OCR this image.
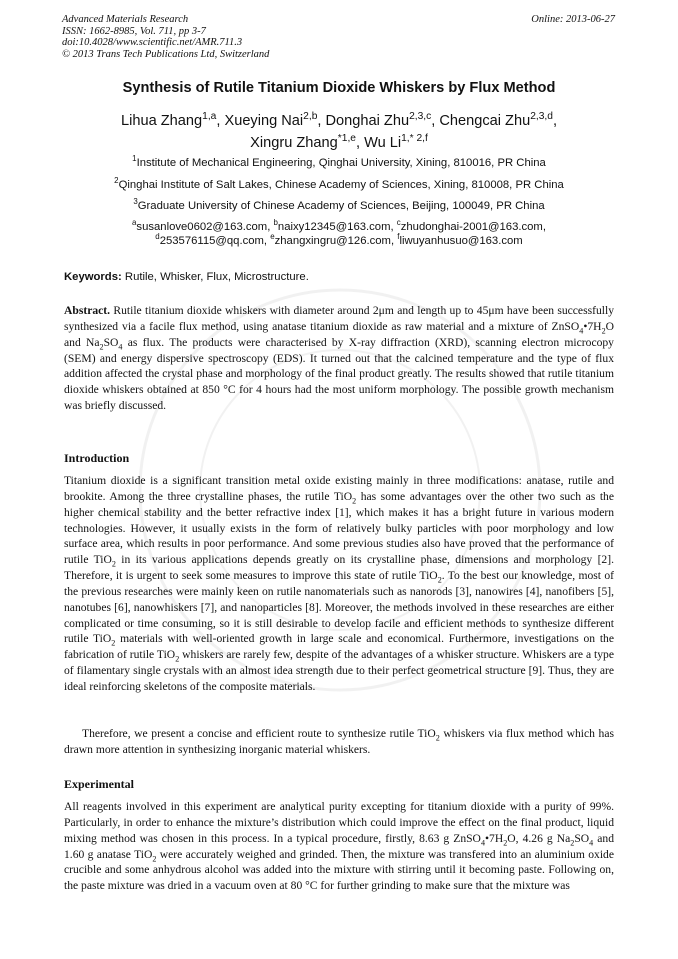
Advanced Materials Research
ISSN: 1662-8985, Vol. 711, pp 3-7
doi:10.4028/www.scientific.net/AMR.711.3
© 2013 Trans Tech Publications Ltd, Switzerland
Online: 2013-06-27
Synthesis of Rutile Titanium Dioxide Whiskers by Flux Method
Lihua Zhang$^{1,a}$, Xueying Nai$^{2,b}$, Donghai Zhu$^{2,3,c}$, Chengcai Zhu$^{2,3,d}$,
Xingru Zhang$^{*1,e}$, Wu $Li^{1,* 2,f}$
$^1$Institute of Mechanical Engineering, Qinghai University, Xining, 810016, PR China
$^2$Qinghai Institute of Salt Lakes, Chinese Academy of Sciences, Xining, 810008, PR China
$^3$Graduate University of Chinese Academy of Sciences, Beijing, 100049, PR China
$^a$susanlove0602@163.com, $^b$naixy12345@163.com, $^c$zhudonghai-2001@163.com,
$^d$253576115@qq.com, $^e$zhangxingru@126.com, $^f$liwuyanhusuo@163.com
Keywords: Rutile, Whisker, Flux, Microstructure.

Abstract. Rutile titanium dioxide whiskers with diameter around 2μm and length up to 45μm have been successfully synthesized via a facile flux method, using anatase titanium dioxide as raw material and a mixture of $ZnSO_4•7H_2O$ and $Na_2SO_4$ as flux. The products were characterised by X-ray diffraction (XRD), scanning electron microcopy (SEM) and energy dispersive spectroscopy (EDS). It turned out that the calcined temperature and the type of flux addition affected the crystal phase and morphology of the final product greatly. The results showed that rutile titanium dioxide whiskers obtained at 850 °C for 4 hours had the most uniform morphology. The possible growth mechanism was briefly discussed.

Introduction

Titanium dioxide is a significant transition metal oxide existing mainly in three modifications: anatase, rutile and brookite. Among the three crystalline phases, the rutile TiO$_2$ has some advantages over the other two such as the higher chemical stability and the better refractive index [1], which makes it has a bright future in various modern technologies. However, it usually exists in the form of relatively bulky particles with poor morphology and low surface area, which results in poor performance. And some previous studies also have proved that the performance of rutile TiO$_2$ in its various applications depends greatly on its crystalline phase, dimensions and morphology [2]. Therefore, it is urgent to seek some measures to improve this state of rutile TiO$_2$. To the best our knowledge, most of the previous researches were mainly keen on rutile nanomaterials such as nanorods [3], nanowires [4], nanofibers [5], nanotubes [6], nanowhiskers [7], and nanoparticles [8]. Moreover, the methods involved in these researches are either complicated or time consuming, so it is still desirable to develop facile and efficient methods to synthesize different rutile TiO$_2$ materials with well-oriented growth in large scale and economical. Furthermore, investigations on the fabrication of rutile TiO$_2$ whiskers are rarely few, despite of the advantages of a whisker structure. Whiskers are a type of filamentary single crystals with an almost idea strength due to their perfect geometrical structure [9]. Thus, they are ideal reinforcing skeletons of the composite materials.

Therefore, we present a concise and efficient route to synthesize rutile TiO$_2$ whiskers via flux method which has drawn more attention in synthesizing inorganic material whiskers.

Experimental

All reagents involved in this experiment are analytical purity excepting for titanium dioxide with a purity of 99%. Particularly, in order to enhance the mixture’s distribution which could improve the effect on the final product, liquid mixing method was chosen in this process. In a typical procedure, firstly, 8.63 g $ZnSO_4•7H_2O$, 4.26 g $Na_2SO_4$ and 1.60 g anatase TiO$_2$ were accurately weighed and grinded. Then, the mixture was transfered into an aluminium oxide crucible and some anhydrous alcohol was added into the mixture with stirring until it becoming paste. Following on, the paste mixture was dried in a vacuum oven at 80 °C for further grinding to make sure that the mixture was
